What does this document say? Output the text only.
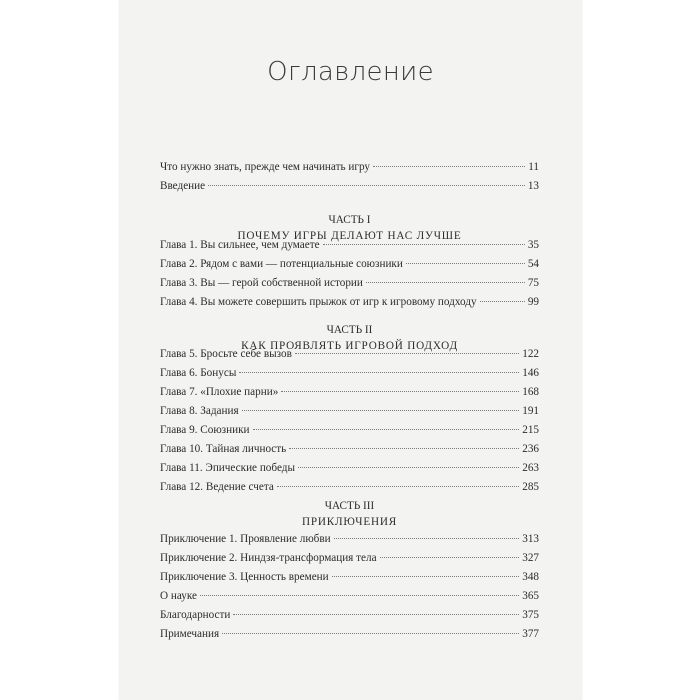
Оглавление
Что нужно знать, прежде чем начинать игру	11
Введение	13
ЧАСТЬ I
ПОЧЕМУ ИГРЫ ДЕЛАЮТ НАС ЛУЧШЕ
Глава 1. Вы сильнее, чем думаете	35
Глава 2. Рядом с вами — потенциальные союзники	54
Глава 3. Вы — герой собственной истории	75
Глава 4. Вы можете совершить прыжок от игр к игровому подходу	99
ЧАСТЬ II
КАК ПРОЯВЛЯТЬ ИГРОВОЙ ПОДХОД
Глава 5. Бросьте себе вызов	122
Глава 6. Бонусы	146
Глава 7. «Плохие парни»	168
Глава 8. Задания	191
Глава 9. Союзники	215
Глава 10. Тайная личность	236
Глава 11. Эпические победы	263
Глава 12. Ведение счета	285
ЧАСТЬ III
ПРИКЛЮЧЕНИЯ
Приключение 1. Проявление любви	313
Приключение 2. Ниндзя-трансформация тела	327
Приключение 3. Ценность времени	348
О науке	365
Благодарности	375
Примечания	377
